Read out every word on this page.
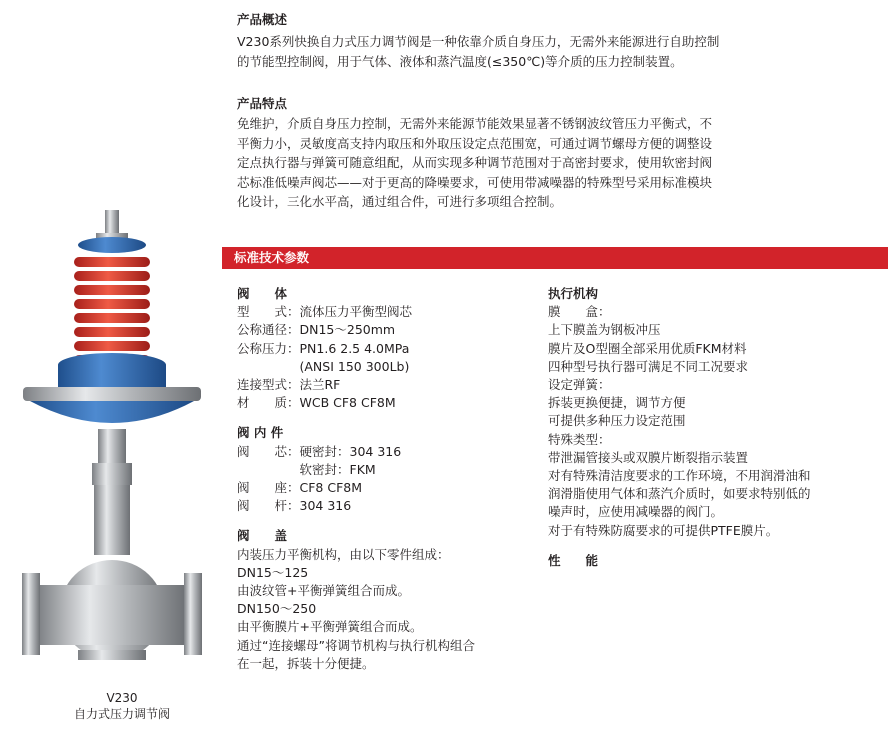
产品概述
V230系列快换自力式压力调节阀是一种依靠介质自身压力，无需外来能源进行自助控制
的节能型控制阀，用于气体、液体和蒸汽温度(≤350℃)等介质的压力控制装置。
产品特点
免维护，介质自身压力控制，无需外来能源节能效果显著不锈钢波纹管压力平衡式，不
平衡力小，灵敏度高支持内取压和外取压设定点范围宽，可通过调节螺母方便的调整设
定点执行器与弹簧可随意组配，从而实现多种调节范围对于高密封要求，使用软密封阀
芯标准低噪声阀芯——对于更高的降噪要求，可使用带减噪器的特殊型号采用标准模块
化设计，三化水平高，通过组合件，可进行多项组合控制。
标准技术参数
阀　　体
型　　式：流体压力平衡型阀芯
公称通径：DN15～250mm
公称压力：PN1.6 2.5 4.0MPa
　　　　　(ANSI 150 300Lb)
连接型式：法兰RF
材　　质：WCB CF8 CF8M
阀 内 件
阀　　芯：硬密封：304 316
　　　　　软密封：FKM
阀　　座：CF8 CF8M
阀　　杆：304 316
阀　　盖
内装压力平衡机构，由以下零件组成：
DN15～125
由波纹管+平衡弹簧组合而成。
DN150～250
由平衡膜片+平衡弹簧组合而成。
通过“连接螺母”将调节机构与执行机构组合
在一起，拆装十分便捷。
执行机构
膜　　盒：
上下膜盖为钢板冲压
膜片及O型圈全部采用优质FKM材料
四种型号执行器可满足不同工况要求
设定弹簧：
拆装更换便捷，调节方便
可提供多种压力设定范围
特殊类型：
带泄漏管接头或双膜片断裂指示装置
对有特殊清洁度要求的工作环境，不用润滑油和
润滑脂使用气体和蒸汽介质时，如要求特别低的
噪声时，应使用减噪器的阀门。
对于有特殊防腐要求的可提供PTFE膜片。
性　　能
V230
自力式压力调节阀
